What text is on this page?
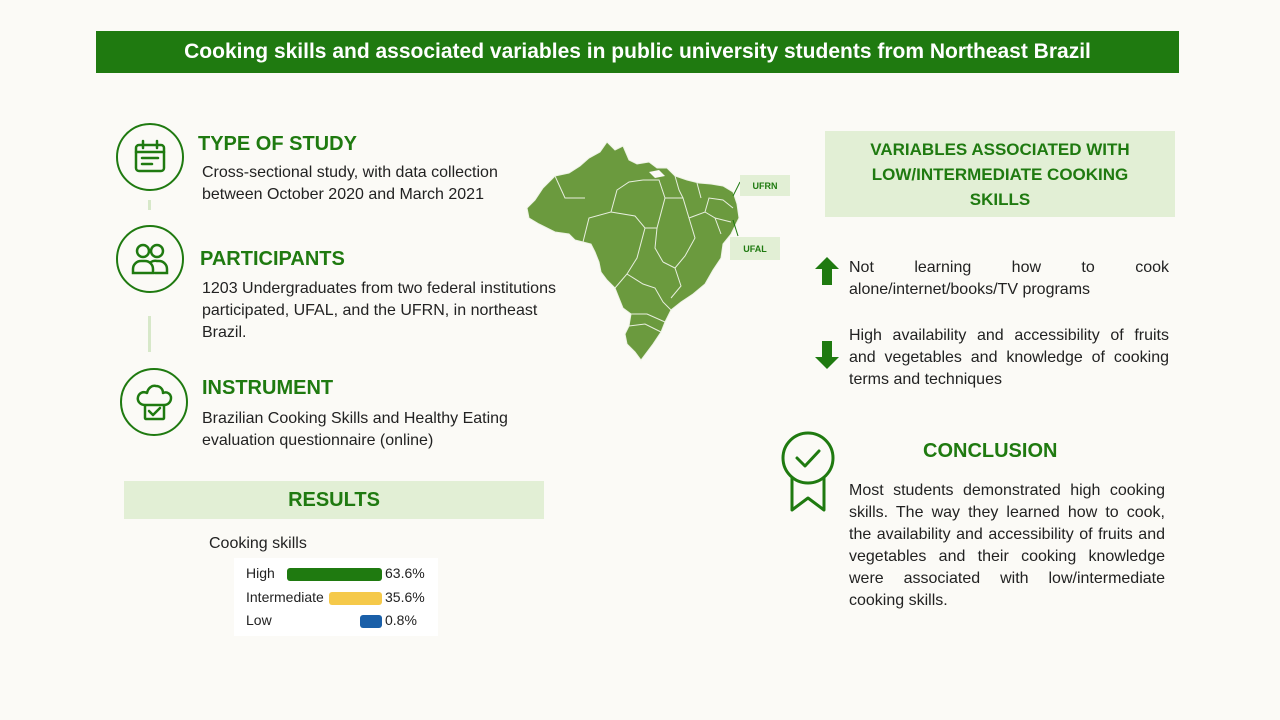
Cooking skills and associated variables in public university students from Northeast Brazil
TYPE OF STUDY
Cross-sectional study, with data collection between October 2020 and March 2021
PARTICIPANTS
1203 Undergraduates from two federal institutions participated, UFAL, and the UFRN, in northeast Brazil.
INSTRUMENT
Brazilian Cooking Skills and Healthy Eating evaluation questionnaire (online)
RESULTS
Cooking skills
High	63.6%
Intermediate	35.6%
Low	0.8%
UFRN
UFAL
VARIABLES ASSOCIATED WITH LOW/INTERMEDIATE COOKING SKILLS
Not learning how to cook alone/internet/books/TV programs
High availability and accessibility of fruits and vegetables and knowledge of cooking terms and techniques
CONCLUSION
Most students demonstrated high cooking skills. The way they learned how to cook, the availability and accessibility of fruits and vegetables and their cooking knowledge were associated with low/intermediate cooking skills.
